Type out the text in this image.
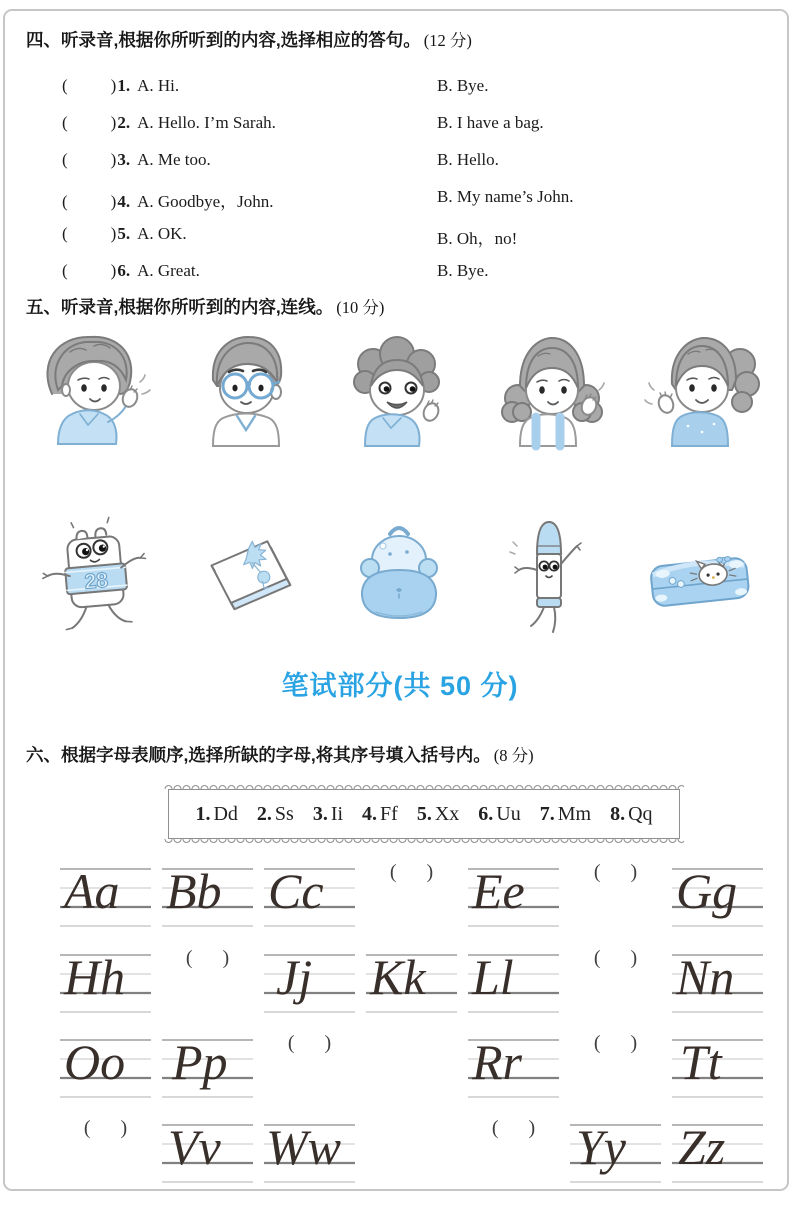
四、听录音,根据你所听到的内容,选择相应的答句。 (12 分)
(        )1. A. Hi.	B. Bye.
(        )2. A. Hello. I’m Sarah.	B. I have a bag.
(        )3. A. Me too.	B. Hello.
(        )4. A. Goodbye，John.	B. My name’s John.
(        )5. A. OK.	B. Oh，no!
(        )6. A. Great.	B. Bye.
五、听录音,根据你所听到的内容,连线。 (10 分)
28
笔试部分(共 50 分)
六、根据字母表顺序,选择所缺的字母,将其序号填入括号内。 (8 分)
1. Dd 2. Ss 3. Ii 4. Ff 5. Xx 6. Uu 7. Mm 8. Qq
Aa Bb Cc	(      ) Ee	(      ) Gg
Hh	(      ) Jj Kk Ll	(      ) Nn
Oo Pp	(      )	Rr	(      ) Tt
(      ) Vv Ww	(      ) Yy Zz
